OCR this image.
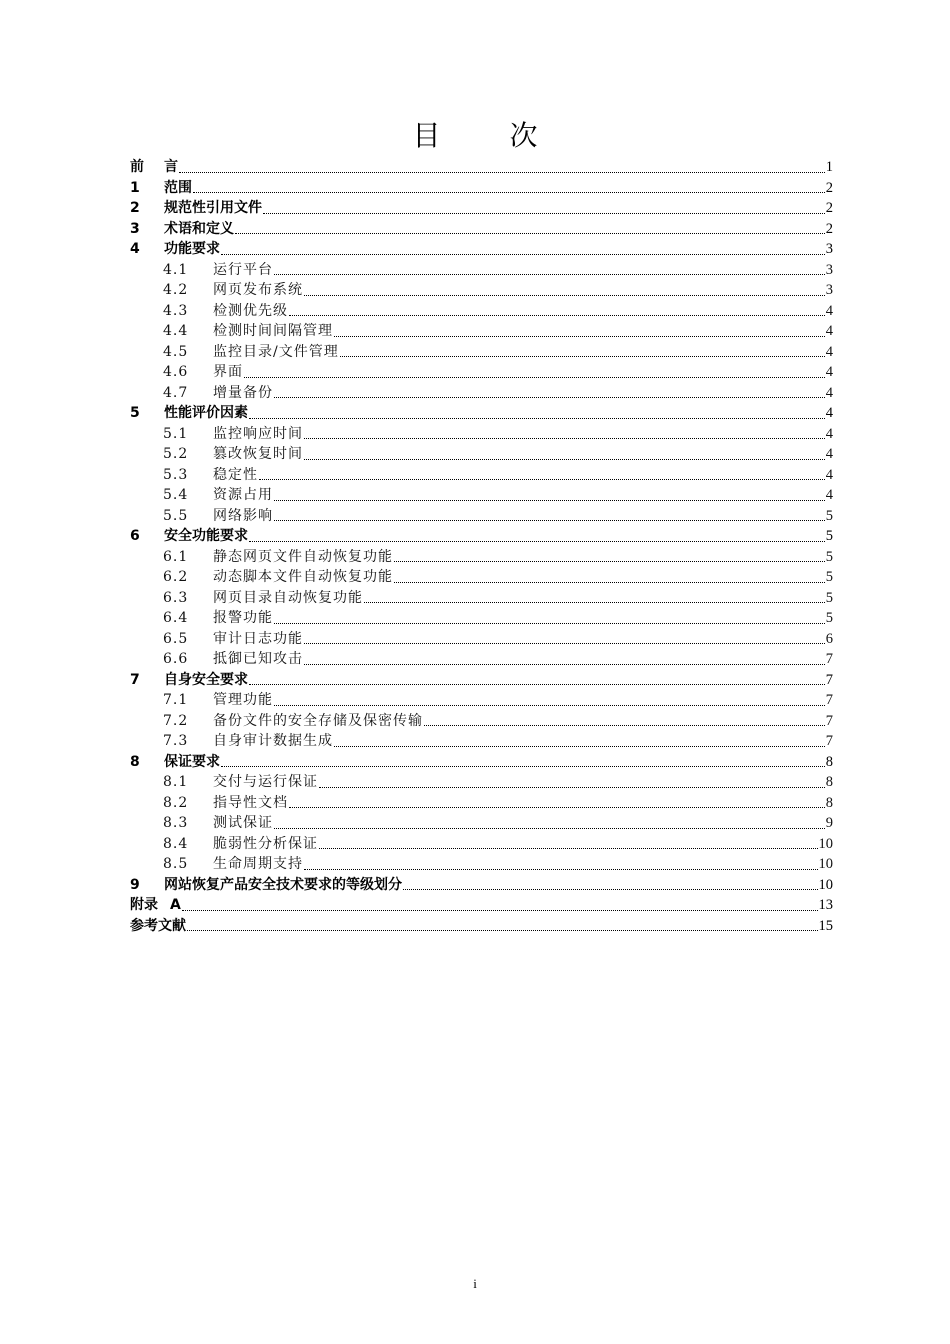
目 次
前	言	1
1	范围	2
2	规范性引用文件	2
3	术语和定义	2
4	功能要求	3
4.1	运行平台	3
4.2	网页发布系统	3
4.3	检测优先级	4
4.4	检测时间间隔管理	4
4.5	监控目录/文件管理	4
4.6	界面	4
4.7	增量备份	4
5	性能评价因素	4
5.1	监控响应时间	4
5.2	篡改恢复时间	4
5.3	稳定性	4
5.4	资源占用	4
5.5	网络影响	5
6	安全功能要求	5
6.1	静态网页文件自动恢复功能	5
6.2	动态脚本文件自动恢复功能	5
6.3	网页目录自动恢复功能	5
6.4	报警功能	5
6.5	审计日志功能	6
6.6	抵御已知攻击	7
7	自身安全要求	7
7.1	管理功能	7
7.2	备份文件的安全存储及保密传输	7
7.3	自身审计数据生成	7
8	保证要求	8
8.1	交付与运行保证	8
8.2	指导性文档	8
8.3	测试保证	9
8.4	脆弱性分析保证	10
8.5	生命周期支持	10
9	网站恢复产品安全技术要求的等级划分	10
附录 A	13
参考文献	15
i
